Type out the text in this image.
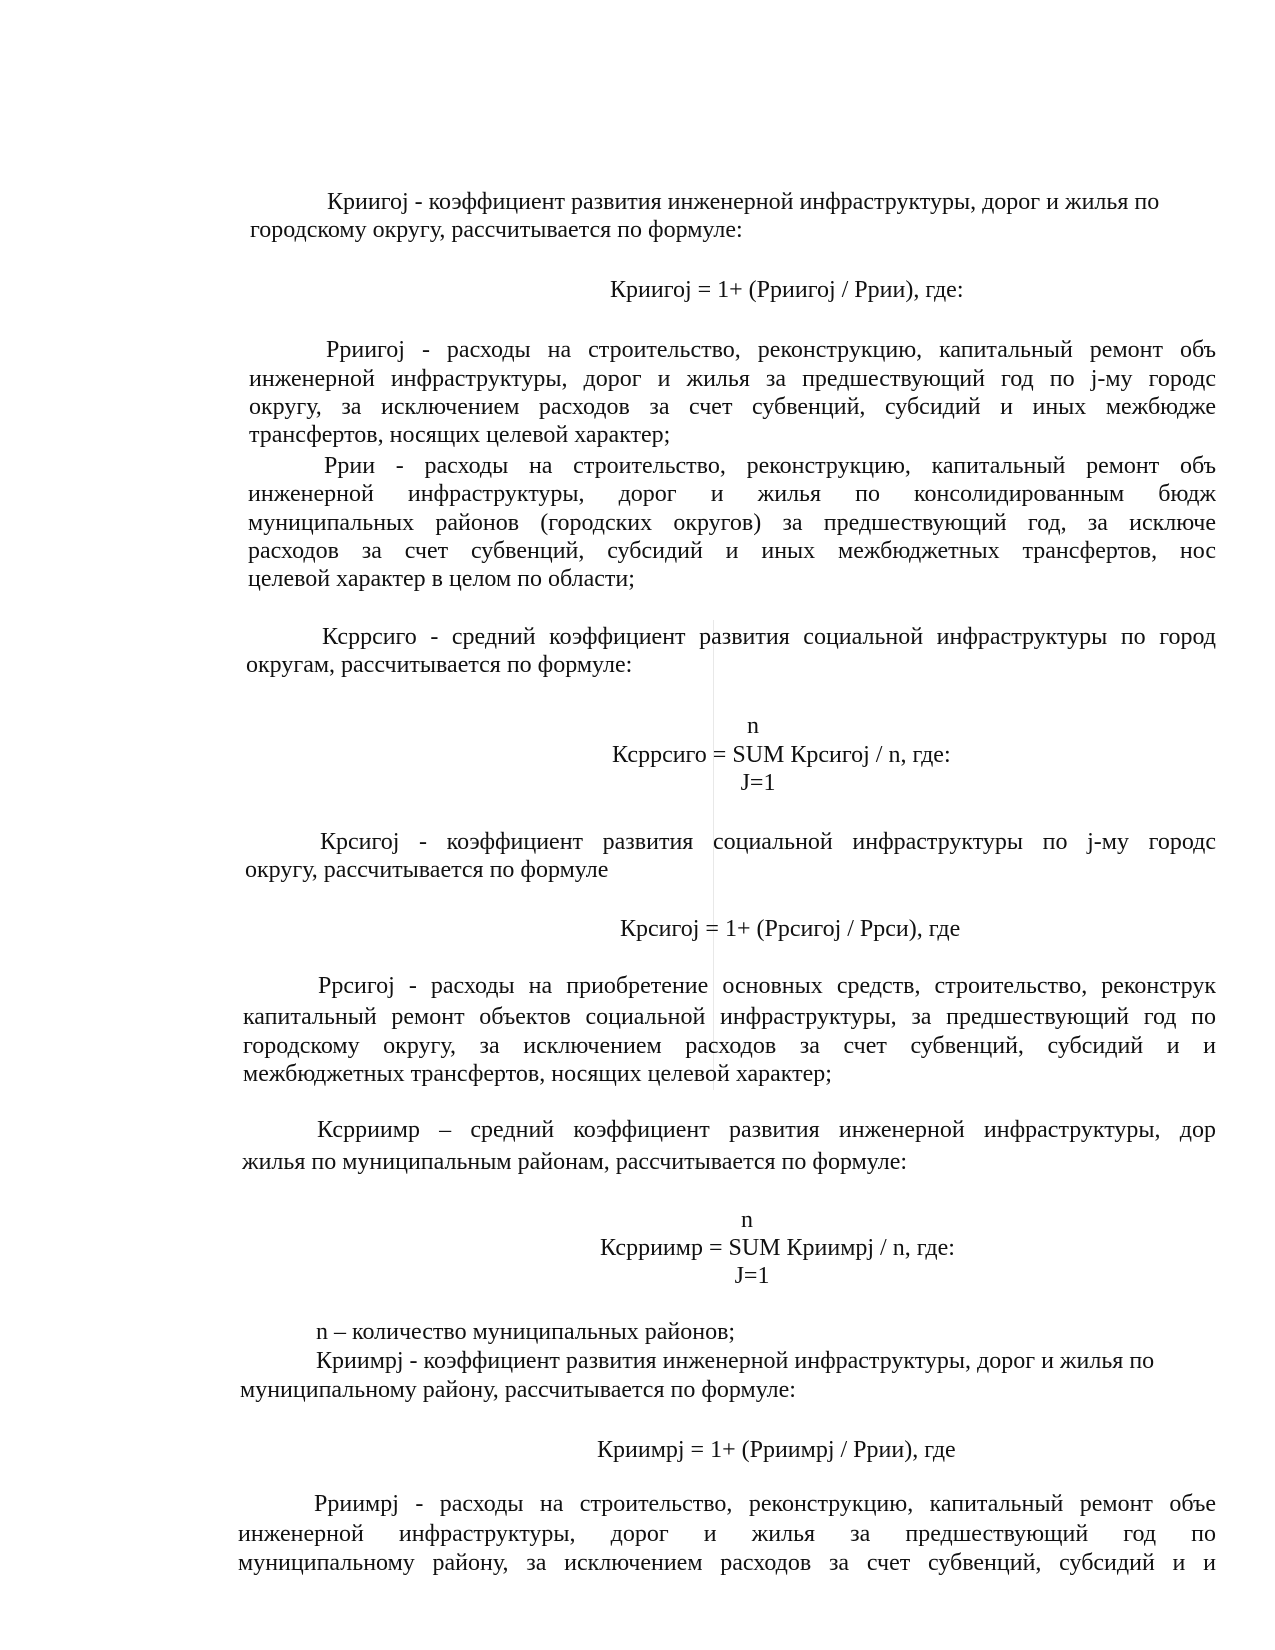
Криигоj - коэффициент развития инженерной инфраструктуры, дорог и жилья по
городскому округу, рассчитывается по формуле:
Криигоj = 1+ (Рриигоj / Ррии), где:
Рриигоj - расходы на строительство, реконструкцию, капитальный ремонт объ
инженерной инфраструктуры, дорог и жилья за предшествующий год по j-му городс
округу, за исключением расходов за счет субвенций, субсидий и иных межбюдже
трансфертов, носящих целевой характер;
Ррии - расходы на строительство, реконструкцию, капитальный ремонт объ
инженерной инфраструктуры, дорог и жилья по консолидированным бюдж
муниципальных районов (городских округов) за предшествующий год, за исключе
расходов за счет субвенций, субсидий и иных межбюджетных трансфертов, нос
целевой характер в целом по области;
Ксррсиго - средний коэффициент развития социальной инфраструктуры по город
округам, рассчитывается по формуле:
n
Ксррсиго = SUM Крсигоj / n, где:
J=1
Крсигоj - коэффициент развития социальной инфраструктуры по j-му городс
округу, рассчитывается по формуле
Крсигоj = 1+ (Ррсигоj / Ррси), где
Ррсигоj - расходы на приобретение основных средств, строительство, реконструк
капитальный ремонт объектов социальной инфраструктуры, за предшествующий год по
городскому округу, за исключением расходов за счет субвенций, субсидий и и
межбюджетных трансфертов, носящих целевой характер;
Ксрриимр – средний коэффициент развития инженерной инфраструктуры, дор
жилья по муниципальным районам, рассчитывается по формуле:
n
Ксрриимр = SUM Криимрj / n, где:
J=1
n – количество муниципальных районов;
Криимрj - коэффициент развития инженерной инфраструктуры, дорог и жилья по
муниципальному району, рассчитывается по формуле:
Криимрj = 1+ (Рриимрj / Ррии), где
Рриимрj - расходы на строительство, реконструкцию, капитальный ремонт объе
инженерной инфраструктуры, дорог и жилья за предшествующий год по
муниципальному району, за исключением расходов за счет субвенций, субсидий и и
